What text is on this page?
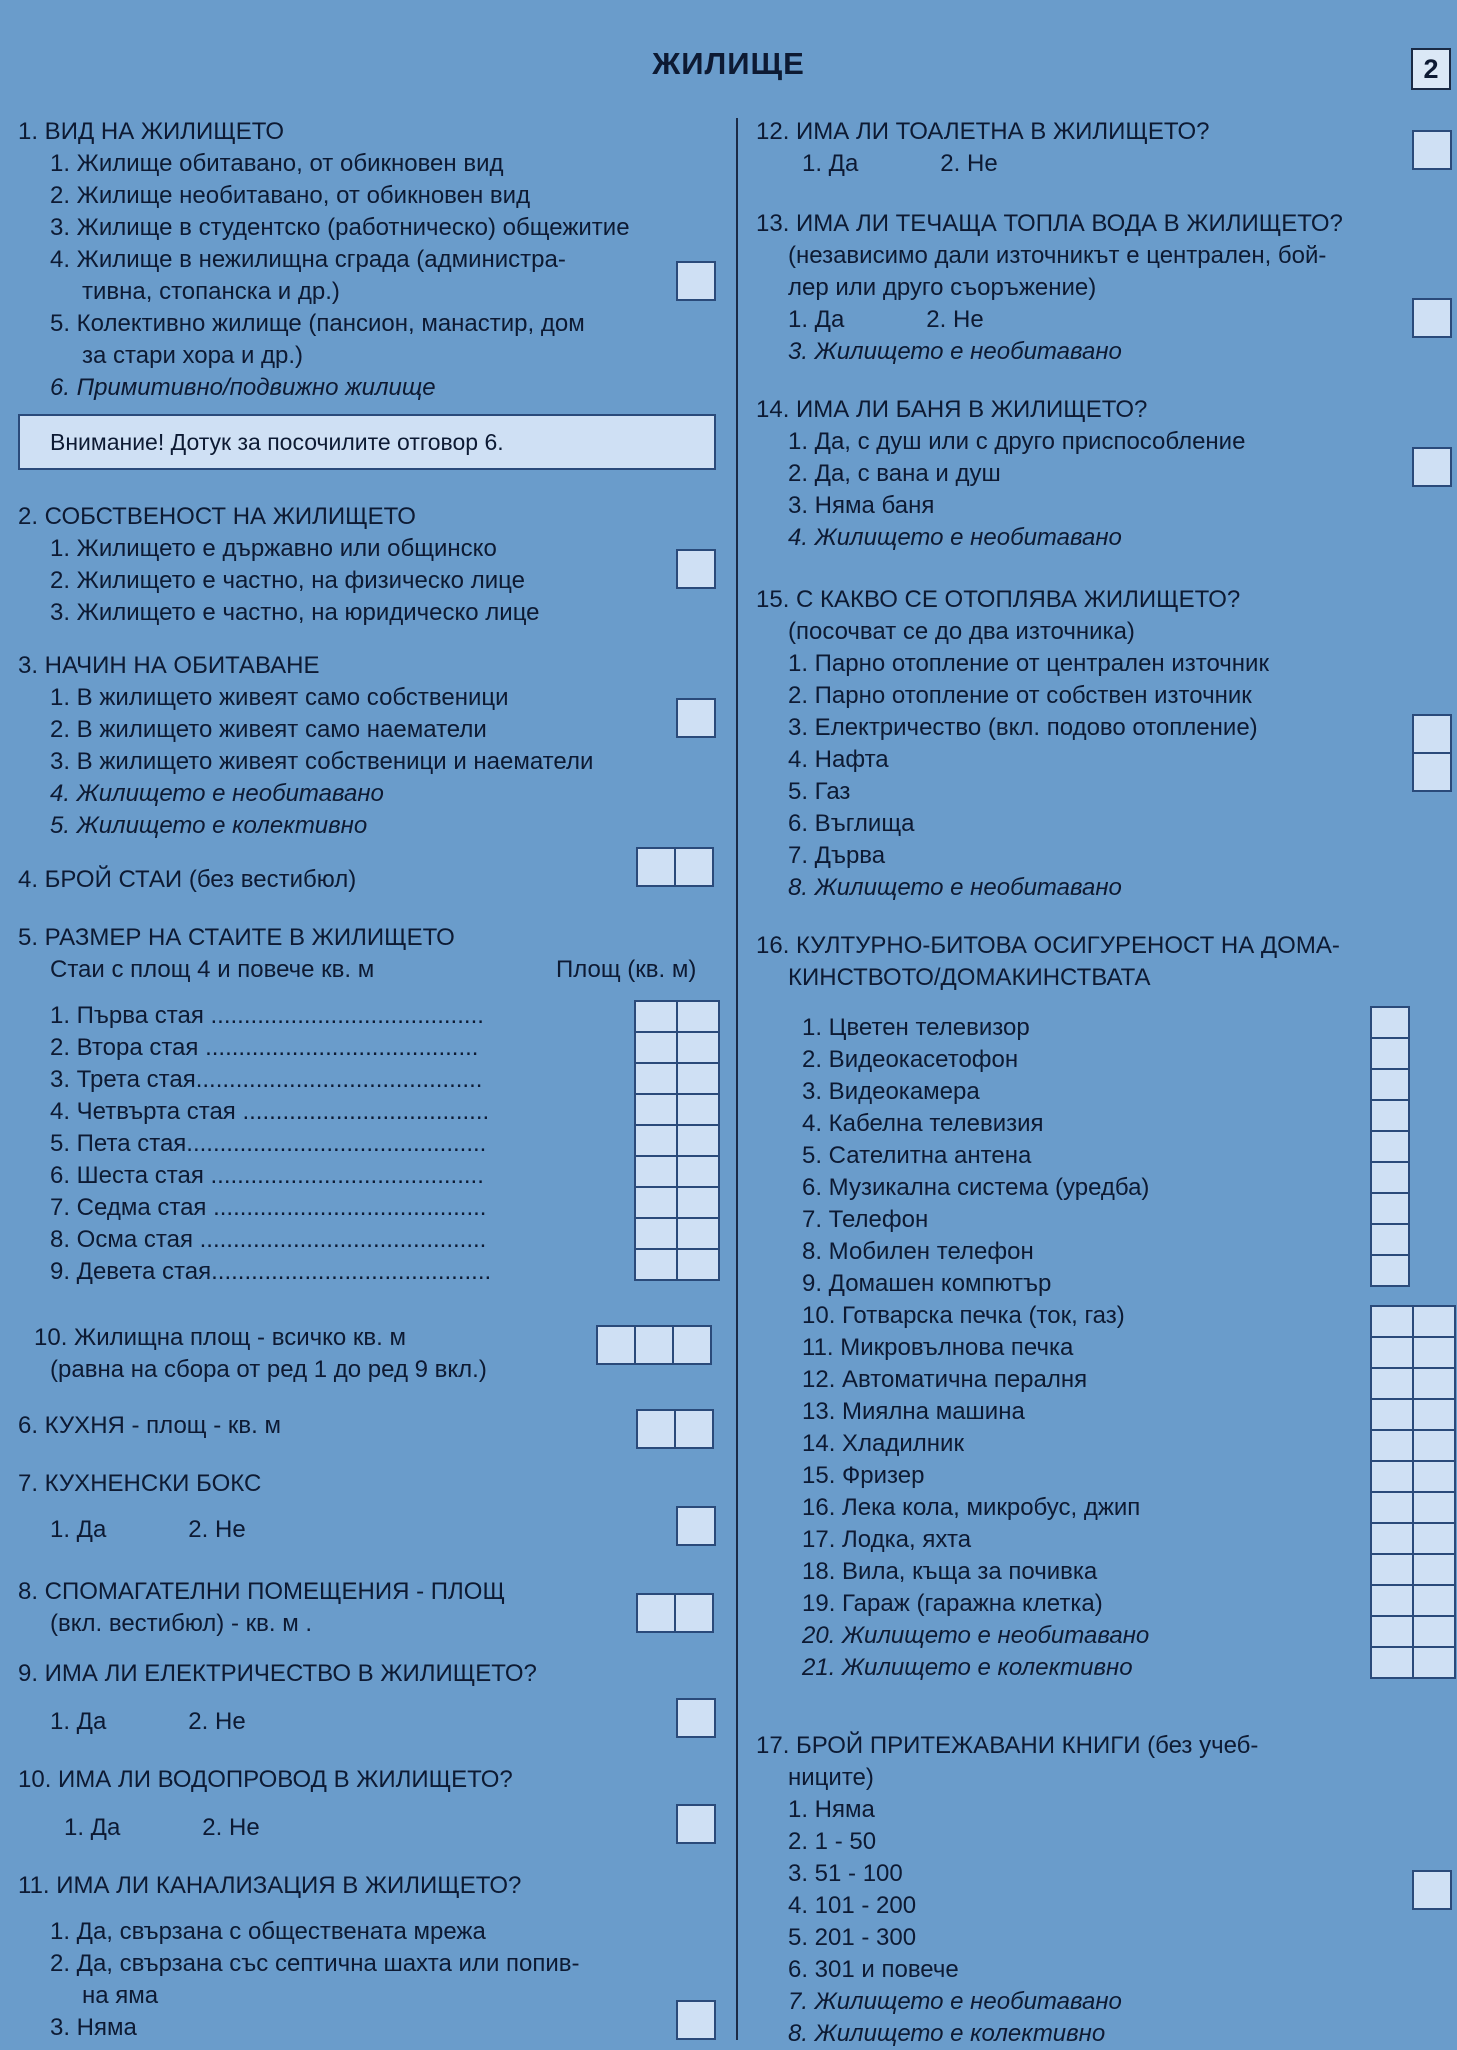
ЖИЛИЩЕ	2
1. ВИД НА ЖИЛИЩЕТО
1. Жилище обитавано, от обикновен вид
2. Жилище необитавано, от обикновен вид
3. Жилище в студентско (работническо) общежитие
4. Жилище в нежилищна сграда (администра-
тивна, стопанска и др.)
5. Колективно жилище (пансион, манастир, дом
за стари хора и др.)
6. Примитивно/подвижно жилище
Внимание! Дотук за посочилите отговор 6.
2. СОБСТВЕНОСТ НА ЖИЛИЩЕТО
1. Жилището е държавно или общинско
2. Жилището е частно, на физическо лице
3. Жилището е частно, на юридическо лице
3. НАЧИН НА ОБИТАВАНЕ
1. В жилището живеят само собственици
2. В жилището живеят само наематели
3. В жилището живеят собственици и наематели
4. Жилището е необитавано
5. Жилището е колективно
4. БРОЙ СТАИ (без вестибюл)
5. РАЗМЕР НА СТАИТЕ В ЖИЛИЩЕТО
Стаи с площ 4 и повече кв. м	Площ (кв. м)
1. Първа стая .........................................
2. Втора стая .........................................
3. Трета стая...........................................
4. Четвърта стая .....................................
5. Пета стая.............................................
6. Шеста стая .........................................
7. Седма стая .........................................
8. Осма стая ...........................................
9. Девета стая..........................................
10. Жилищна площ - всичко кв. м
(равна на сбора от ред 1 до ред 9 вкл.)
6. КУХНЯ - площ - кв. м
7. КУХНЕНСКИ БОКС
1. Да	2. Не
8. СПОМАГАТЕЛНИ ПОМЕЩЕНИЯ - ПЛОЩ
(вкл. вестибюл) - кв. м .
9. ИМА ЛИ ЕЛЕКТРИЧЕСТВО В ЖИЛИЩЕТО?
1. Да	2. Не
10. ИМА ЛИ ВОДОПРОВОД В ЖИЛИЩЕТО?
1. Да	2. Не
11. ИМА ЛИ КАНАЛИЗАЦИЯ В ЖИЛИЩЕТО?
1. Да, свързана с обществената мрежа
2. Да, свързана със септична шахта или попив-
на яма
3. Няма
12. ИМА ЛИ ТОАЛЕТНА В ЖИЛИЩЕТО?
1. Да	2. Не
13. ИМА ЛИ ТЕЧАЩА ТОПЛА ВОДА В ЖИЛИЩЕТО?
(независимо дали източникът е централен, бой-
лер или друго съоръжение)
1. Да	2. Не
3. Жилището е необитавано
14. ИМА ЛИ БАНЯ В ЖИЛИЩЕТО?
1. Да, с душ или с друго приспособление
2. Да, с вана и душ
3. Няма баня
4. Жилището е необитавано
15. С КАКВО СЕ ОТОПЛЯВА ЖИЛИЩЕТО?
(посочват се до два източника)
1. Парно отопление от централен източник
2. Парно отопление от собствен източник
3. Електричество (вкл. подово отопление)
4. Нафта
5. Газ
6. Въглища
7. Дърва
8. Жилището е необитавано
16. КУЛТУРНО-БИТОВА ОСИГУРЕНОСТ НА ДОМА-
КИНСТВОТО/ДОМАКИНСТВАТА
1. Цветен телевизор
2. Видеокасетофон
3. Видеокамера
4. Кабелна телевизия
5. Сателитна антена
6. Музикална система (уредба)
7. Телефон
8. Мобилен телефон
9. Домашен компютър
10. Готварска печка (ток, газ)
11. Микровълнова печка
12. Автоматична пералня
13. Миялна машина
14. Хладилник
15. Фризер
16. Лека кола, микробус, джип
17. Лодка, яхта
18. Вила, къща за почивка
19. Гараж (гаражна клетка)
20. Жилището е необитавано
21. Жилището е колективно
17. БРОЙ ПРИТЕЖАВАНИ КНИГИ (без учеб-
ниците)
1. Няма
2. 1 - 50
3. 51 - 100
4. 101 - 200
5. 201 - 300
6. 301 и повече
7. Жилището е необитавано
8. Жилището е колективно
